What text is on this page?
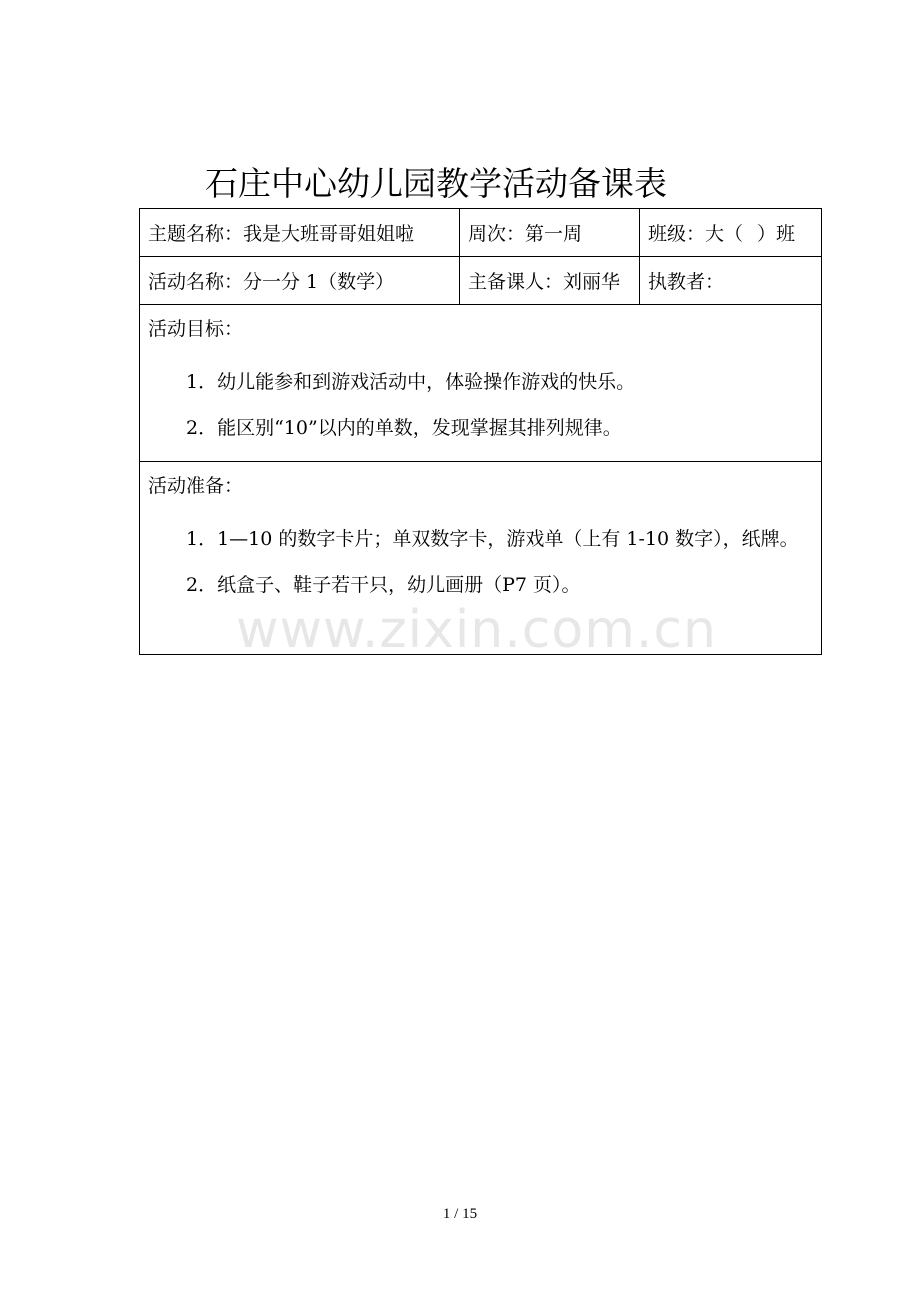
石庄中心幼儿园教学活动备课表
主题名称：我是大班哥哥姐姐啦	周次：第一周	班级：大（ ）班
活动名称：分一分 1（数学）	主备课人：刘丽华	执教者：

活动目标：
1．幼儿能参和到游戏活动中，体验操作游戏的快乐。
2．能区别“10”以内的单数，发现掌握其排列规律。		

活动准备：
1．1—10 的数字卡片；单双数字卡，游戏单（上有 1-10 数字），纸牌。
2．纸盒子、鞋子若干只，幼儿画册（P7 页）。		
www.zixin.com.cn
1 / 15
